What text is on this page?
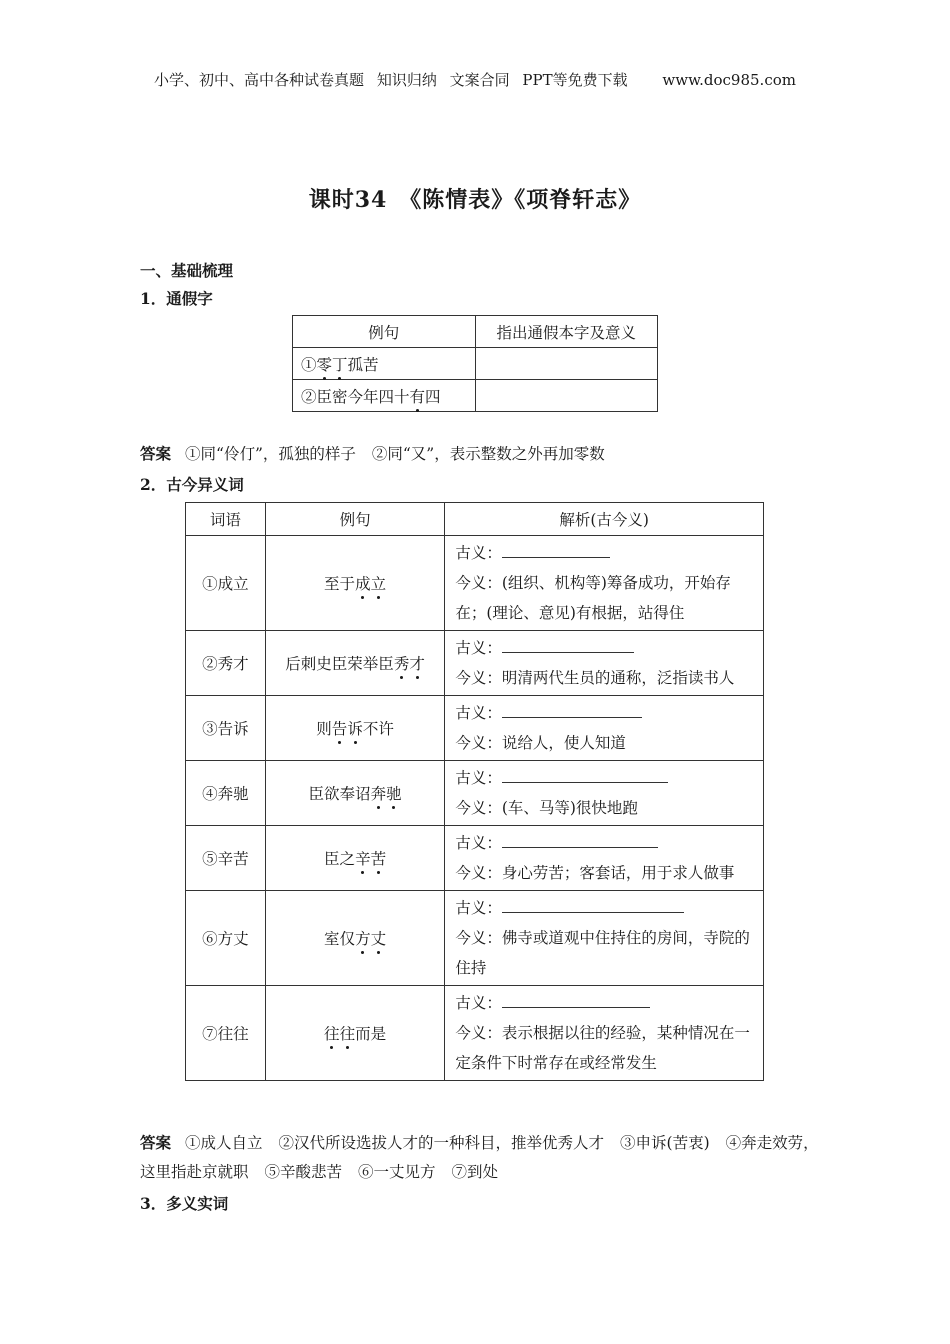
小学、初中、高中各种试卷真题 知识归纳 文案合同 PPT等免费下载 www.doc985.com
课时34　《陈情表》《项脊轩志》
一、基础梳理
1．通假字
例句	指出通假本字及意义
①零丁孤苦	
②臣密今年四十有四	
答案 ①同“伶仃”，孤独的样子 ②同“又”，表示整数之外再加零数
2．古今异义词
词语	例句	解析(古今义)
①成立	至于成立	古义：
今义：(组织、机构等)筹备成功，开始存在；(理论、意见)有根据，站得住

②秀才	后刺史臣荣举臣秀才	古义：
今义：明清两代生员的通称，泛指读书人

③告诉	则告诉不许	古义：
今义：说给人，使人知道

④奔驰	臣欲奉诏奔驰	古义：
今义：(车、马等)很快地跑

⑤辛苦	臣之辛苦	古义：
今义：身心劳苦；客套话，用于求人做事

⑥方丈	室仅方丈	古义：
今义：佛寺或道观中住持住的房间，寺院的住持

⑦往往	往往而是	古义：
今义：表示根据以往的经验，某种情况在一定条件下时常存在或经常发生
答案 ①成人自立 ②汉代所设选拔人才的一种科目，推举优秀人才 ③申诉(苦衷) ④奔走效劳，这里指赴京就职 ⑤辛酸悲苦 ⑥一丈见方 ⑦到处
3．多义实词
